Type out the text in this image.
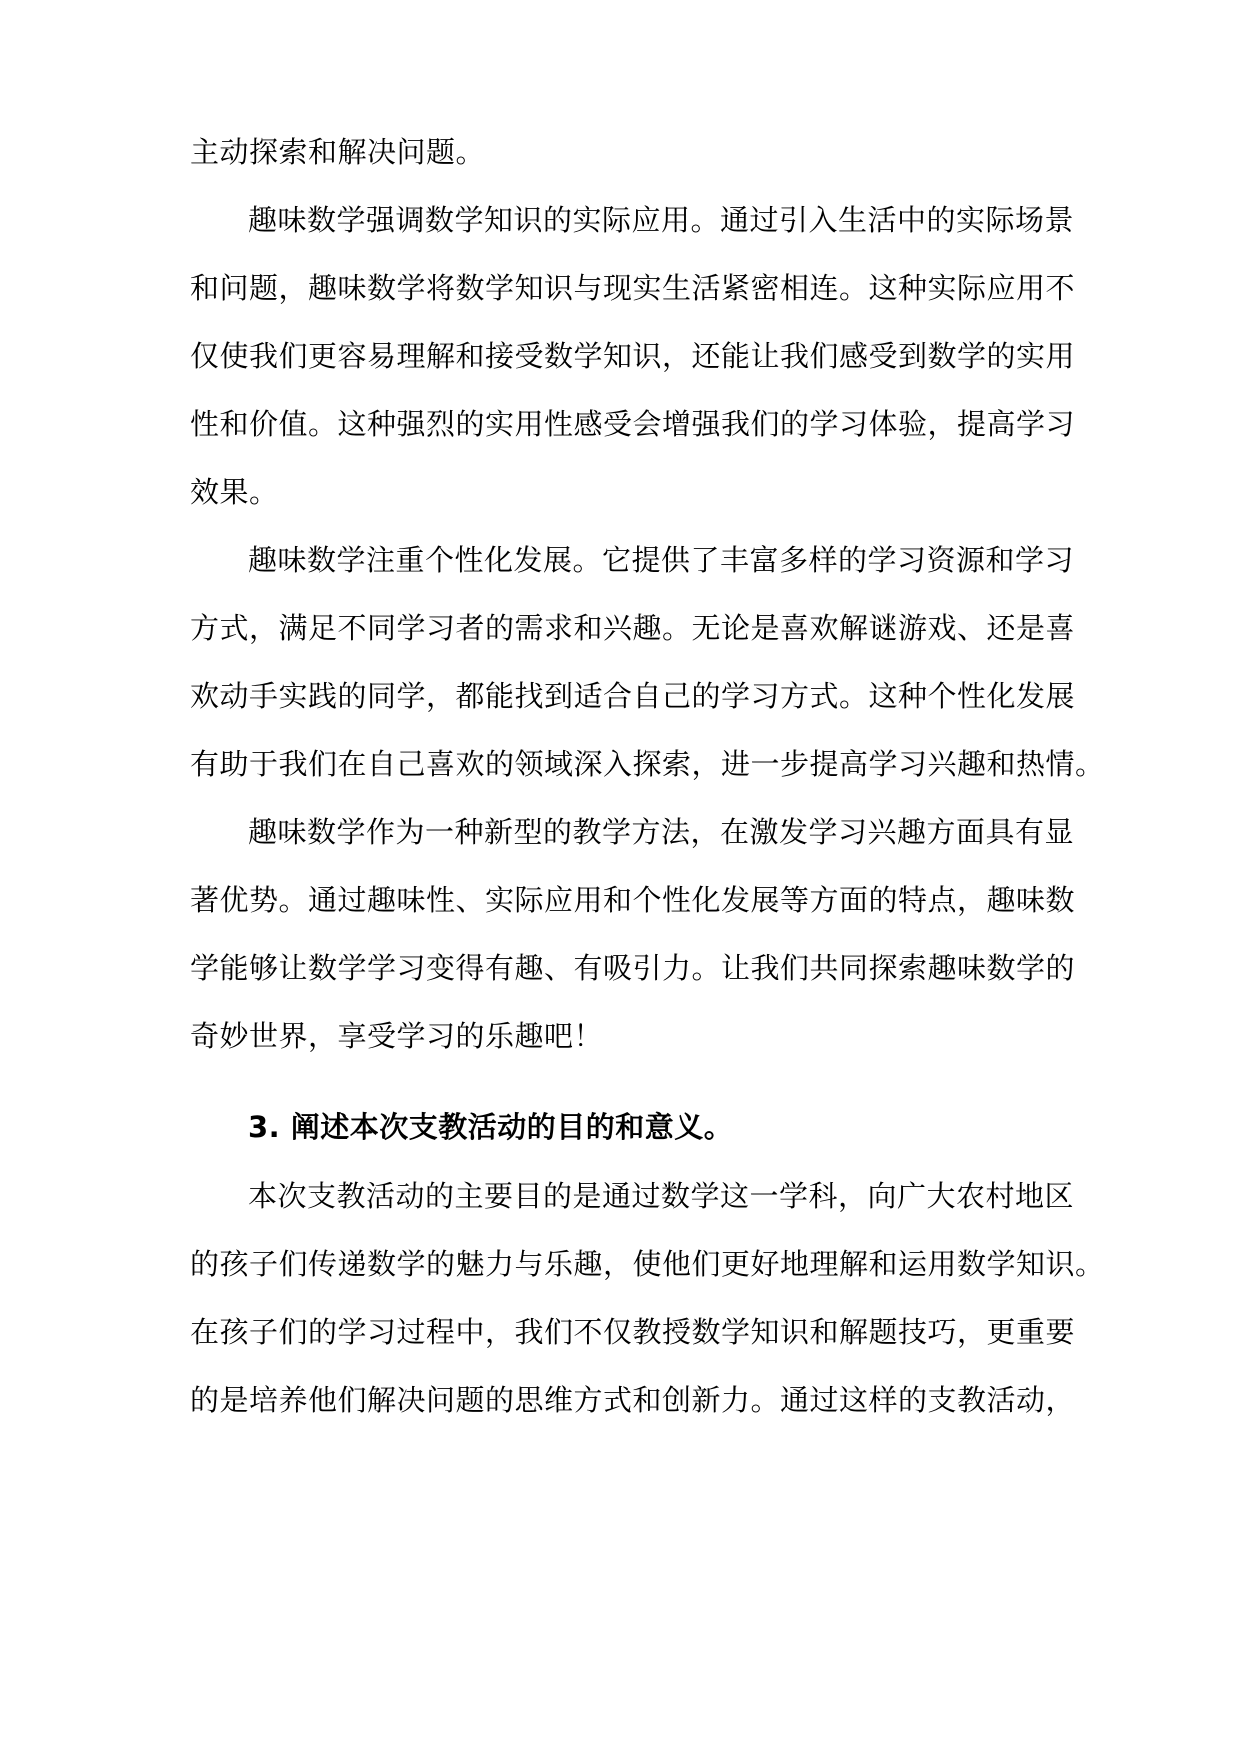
主动探索和解决问题。
趣味数学强调数学知识的实际应用。通过引入生活中的实际场景
和问题，趣味数学将数学知识与现实生活紧密相连。这种实际应用不
仅使我们更容易理解和接受数学知识，还能让我们感受到数学的实用
性和价值。这种强烈的实用性感受会增强我们的学习体验，提高学习
效果。
趣味数学注重个性化发展。它提供了丰富多样的学习资源和学习
方式，满足不同学习者的需求和兴趣。无论是喜欢解谜游戏、还是喜
欢动手实践的同学，都能找到适合自己的学习方式。这种个性化发展
有助于我们在自己喜欢的领域深入探索，进一步提高学习兴趣和热情。
趣味数学作为一种新型的教学方法，在激发学习兴趣方面具有显
著优势。通过趣味性、实际应用和个性化发展等方面的特点，趣味数
学能够让数学学习变得有趣、有吸引力。让我们共同探索趣味数学的
奇妙世界，享受学习的乐趣吧！
3. 阐述本次支教活动的目的和意义。
本次支教活动的主要目的是通过数学这一学科，向广大农村地区
的孩子们传递数学的魅力与乐趣，使他们更好地理解和运用数学知识。
在孩子们的学习过程中，我们不仅教授数学知识和解题技巧，更重要
的是培养他们解决问题的思维方式和创新力。通过这样的支教活动，
